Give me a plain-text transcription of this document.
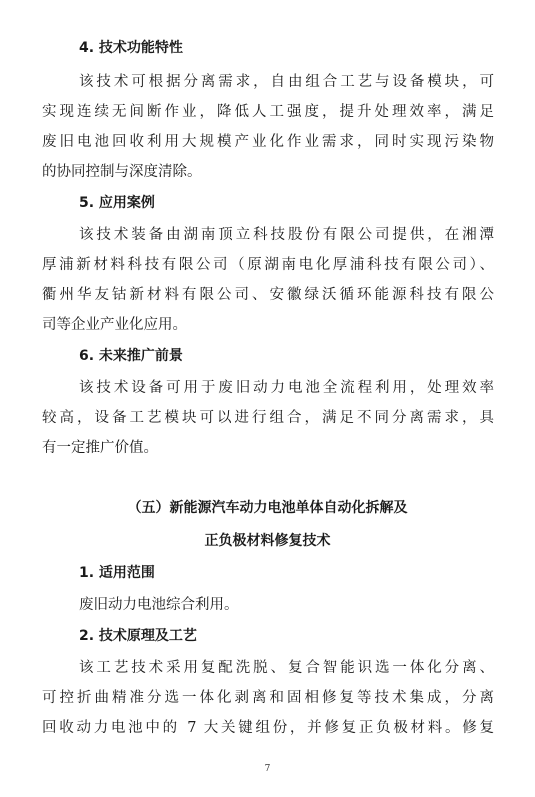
4. 技术功能特性

该技术可根据分离需求，自由组合工艺与设备模块，可

实现连续无间断作业，降低人工强度，提升处理效率，满足

废旧电池回收利用大规模产业化作业需求，同时实现污染物

的协同控制与深度清除。

5. 应用案例

该技术装备由湖南顶立科技股份有限公司提供，在湘潭

厚浦新材料科技有限公司（原湖南电化厚浦科技有限公司）、

衢州华友钴新材料有限公司、安徽绿沃循环能源科技有限公

司等企业产业化应用。

6. 未来推广前景

该技术设备可用于废旧动力电池全流程利用，处理效率

较高，设备工艺模块可以进行组合，满足不同分离需求，具

有一定推广价值。

（五）新能源汽车动力电池单体自动化拆解及

正负极材料修复技术

1. 适用范围

废旧动力电池综合利用。

2. 技术原理及工艺

该工艺技术采用复配洗脱、复合智能识选一体化分离、

可控折曲精准分选一体化剥离和固相修复等技术集成，分离

回收动力电池中的 7 大关键组份，并修复正负极材料。修复

7
